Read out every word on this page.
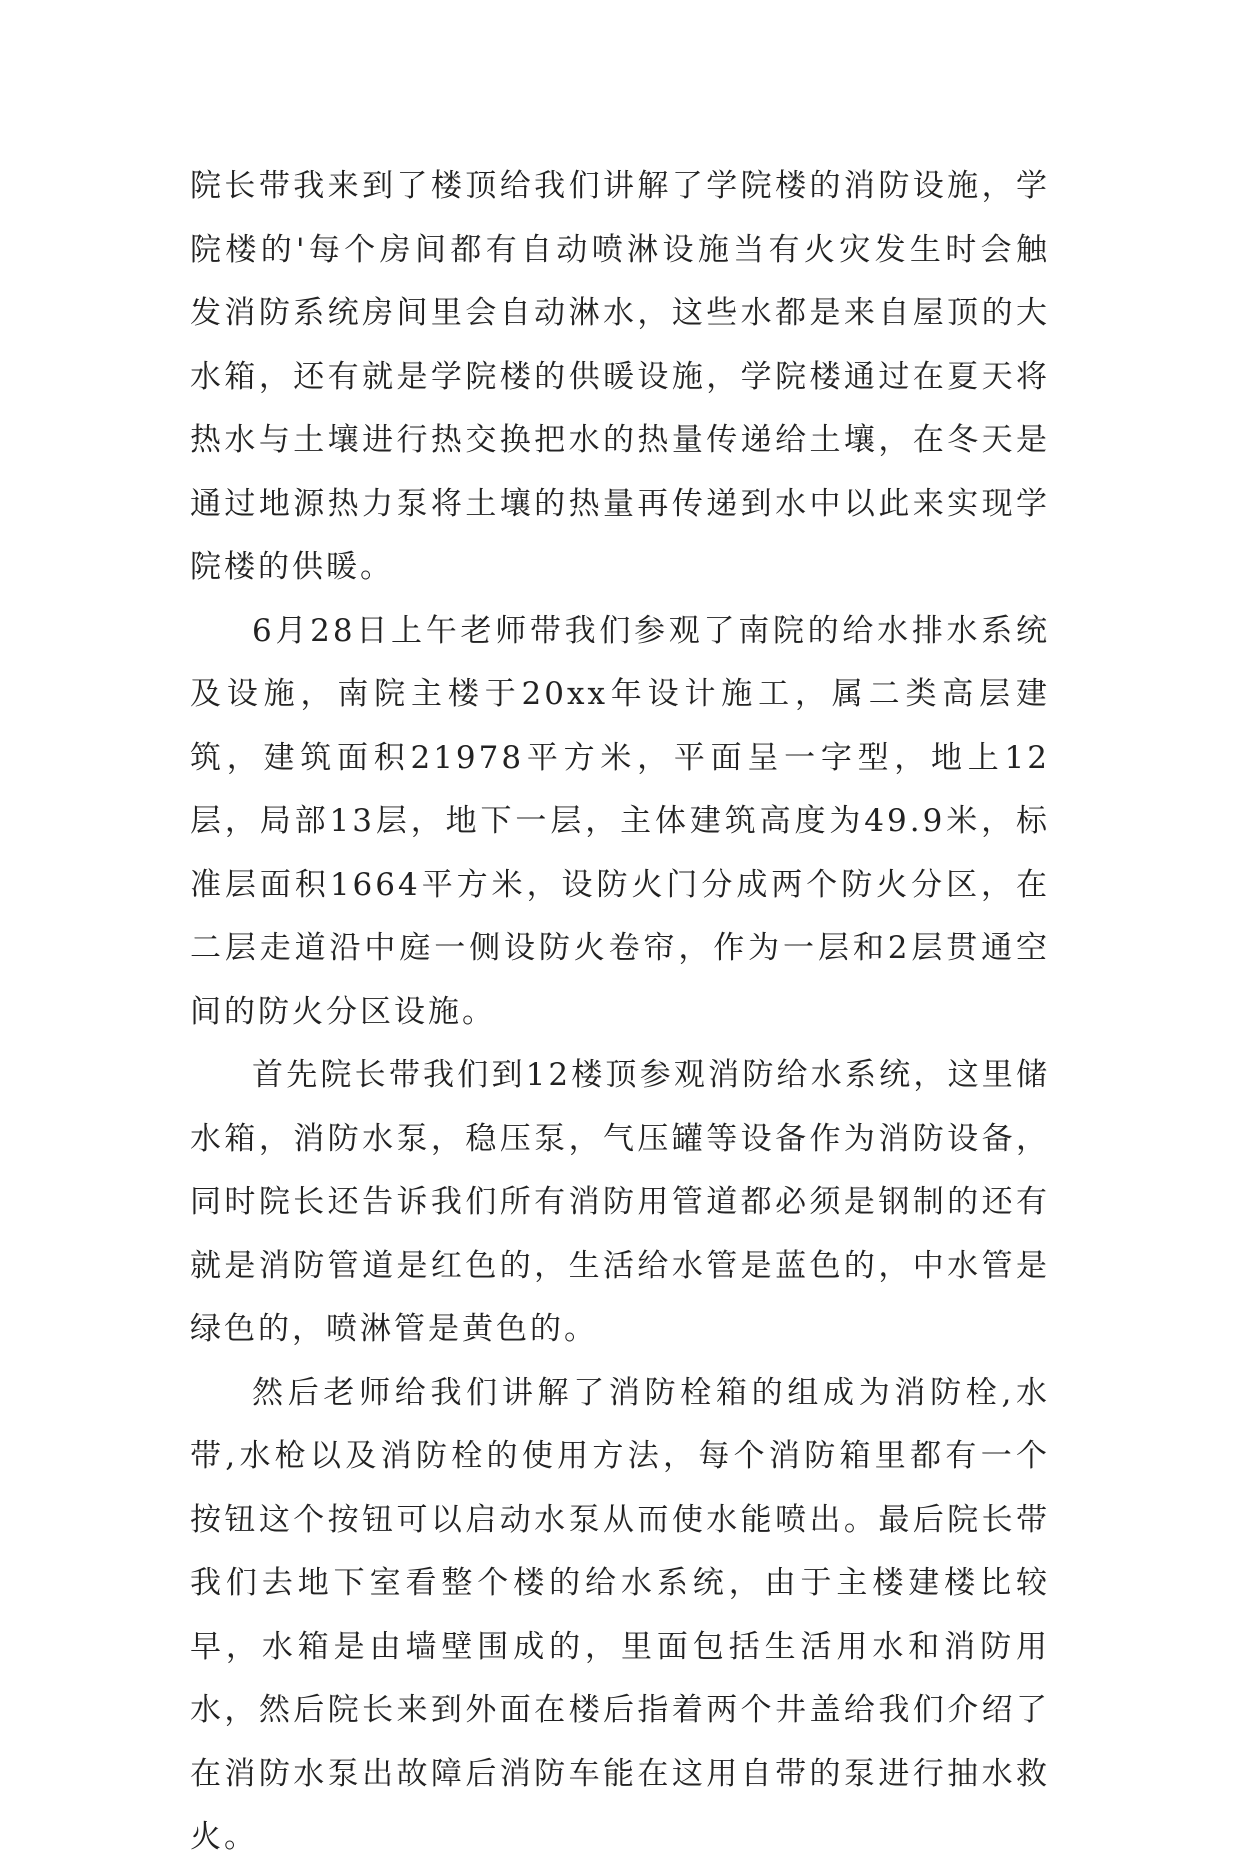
院长带我来到了楼顶给我们讲解了学院楼的消防设施，学院楼的'每个房间都有自动喷淋设施当有火灾发生时会触发消防系统房间里会自动淋水，这些水都是来自屋顶的大水箱，还有就是学院楼的供暖设施，学院楼通过在夏天将热水与土壤进行热交换把水的热量传递给土壤，在冬天是通过地源热力泵将土壤的热量再传递到水中以此来实现学院楼的供暖。

6月28日上午老师带我们参观了南院的给水排水系统及设施，南院主楼于20xx年设计施工，属二类高层建筑，建筑面积21978平方米，平面呈一字型，地上12层，局部13层，地下一层，主体建筑高度为49.9米，标准层面积1664平方米，设防火门分成两个防火分区，在二层走道沿中庭一侧设防火卷帘，作为一层和2层贯通空间的防火分区设施。

首先院长带我们到12楼顶参观消防给水系统，这里储水箱，消防水泵，稳压泵，气压罐等设备作为消防设备，同时院长还告诉我们所有消防用管道都必须是钢制的还有就是消防管道是红色的，生活给水管是蓝色的，中水管是绿色的，喷淋管是黄色的。

然后老师给我们讲解了消防栓箱的组成为消防栓,水带,水枪以及消防栓的使用方法，每个消防箱里都有一个按钮这个按钮可以启动水泵从而使水能喷出。最后院长带我们去地下室看整个楼的给水系统，由于主楼建楼比较早，水箱是由墙壁围成的，里面包括生活用水和消防用水，然后院长来到外面在楼后指着两个井盖给我们介绍了在消防水泵出故障后消防车能在这用自带的泵进行抽水救火。
